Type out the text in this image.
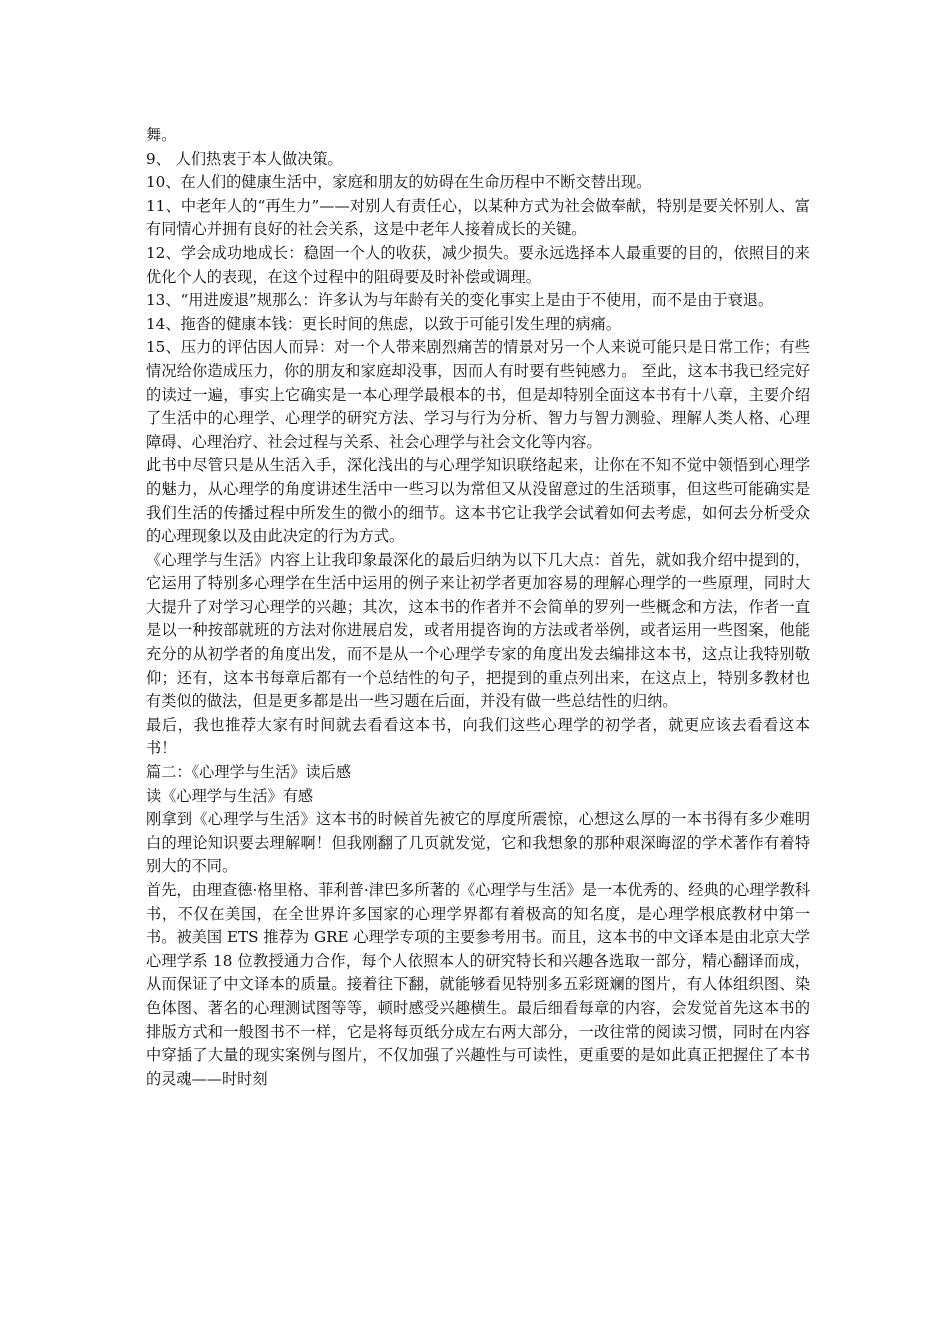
舞。

9、 人们热衷于本人做决策。

10、在人们的健康生活中，家庭和朋友的妨碍在生命历程中不断交替出现。

11、中老年人的“再生力”——对别人有责任心，以某种方式为社会做奉献，特别是要关怀别人、富有同情心并拥有良好的社会关系，这是中老年人接着成长的关键。

12、学会成功地成长：稳固一个人的收获，减少损失。要永远选择本人最重要的目的，依照目的来优化个人的表现，在这个过程中的阻碍要及时补偿或调理。

13、“用进废退”规那么：许多认为与年龄有关的变化事实上是由于不使用，而不是由于衰退。

14、拖沓的健康本钱：更长时间的焦虑，以致于可能引发生理的病痛。

15、压力的评估因人而异：对一个人带来剧烈痛苦的情景对另一个人来说可能只是日常工作；有些情况给你造成压力，你的朋友和家庭却没事，因而人有时要有些钝感力。 至此，这本书我已经完好的读过一遍，事实上它确实是一本心理学最根本的书，但是却特别全面这本书有十八章，主要介绍了生活中的心理学、心理学的研究方法、学习与行为分析、智力与智力测验、理解人类人格、心理障碍、心理治疗、社会过程与关系、社会心理学与社会文化等内容。

此书中尽管只是从生活入手，深化浅出的与心理学知识联络起来，让你在不知不觉中领悟到心理学的魅力，从心理学的角度讲述生活中一些习以为常但又从没留意过的生活琐事，但这些可能确实是我们生活的传播过程中所发生的微小的细节。这本书它让我学会试着如何去考虑，如何去分析受众的心理现象以及由此决定的行为方式。

《心理学与生活》内容上让我印象最深化的最后归纳为以下几大点：首先，就如我介绍中提到的，它运用了特别多心理学在生活中运用的例子来让初学者更加容易的理解心理学的一些原理，同时大大提升了对学习心理学的兴趣；其次，这本书的作者并不会简单的罗列一些概念和方法，作者一直是以一种按部就班的方法对你进展启发，或者用提咨询的方法或者举例，或者运用一些图案，他能充分的从初学者的角度出发，而不是从一个心理学专家的角度出发去编排这本书，这点让我特别敬仰；还有，这本书每章后都有一个总结性的句子，把提到的重点列出来，在这点上，特别多教材也有类似的做法，但是更多都是出一些习题在后面，并没有做一些总结性的归纳。

最后，我也推荐大家有时间就去看看这本书，向我们这些心理学的初学者，就更应该去看看这本书！

篇二：《心理学与生活》读后感

读《心理学与生活》有感

刚拿到《心理学与生活》这本书的时候首先被它的厚度所震惊，心想这么厚的一本书得有多少难明白的理论知识要去理解啊！但我刚翻了几页就发觉，它和我想象的那种艰深晦涩的学术著作有着特别大的不同。

首先，由理查德·格里格、菲利普·津巴多所著的《心理学与生活》是一本优秀的、经典的心理学教科书，不仅在美国，在全世界许多国家的心理学界都有着极高的知名度，是心理学根底教材中第一书。被美国 ETS 推荐为 GRE 心理学专项的主要参考用书。而且，这本书的中文译本是由北京大学心理学系 18 位教授通力合作，每个人依照本人的研究特长和兴趣各选取一部分，精心翻译而成，从而保证了中文译本的质量。接着往下翻，就能够看见特别多五彩斑斓的图片，有人体组织图、染色体图、著名的心理测试图等等，顿时感受兴趣横生。最后细看每章的内容，会发觉首先这本书的排版方式和一般图书不一样，它是将每页纸分成左右两大部分，一改往常的阅读习惯，同时在内容中穿插了大量的现实案例与图片，不仅加强了兴趣性与可读性，更重要的是如此真正把握住了本书的灵魂——时时刻
